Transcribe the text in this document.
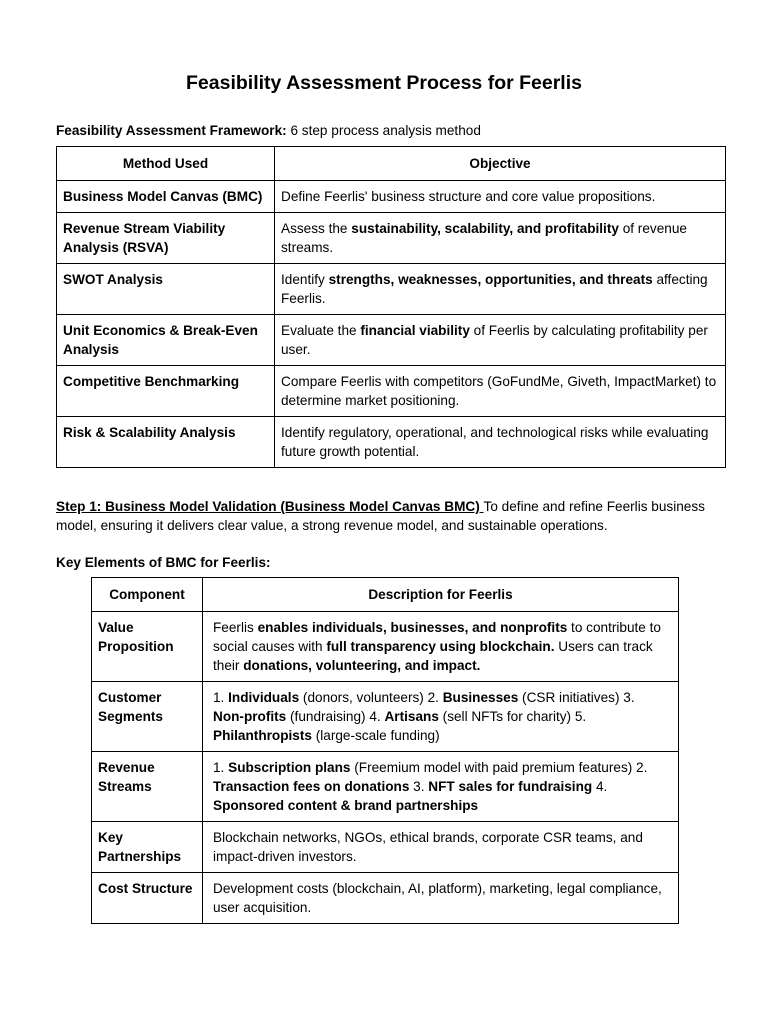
Feasibility Assessment Process for Feerlis
Feasibility Assessment Framework: 6 step process analysis method
Method Used	Objective
Business Model Canvas (BMC)	Define Feerlis' business structure and core value propositions.
Revenue Stream Viability Analysis (RSVA)	Assess the sustainability, scalability, and profitability of revenue streams.
SWOT Analysis	Identify strengths, weaknesses, opportunities, and threats affecting Feerlis.
Unit Economics & Break-Even Analysis	Evaluate the financial viability of Feerlis by calculating profitability per user.
Competitive Benchmarking	Compare Feerlis with competitors (GoFundMe, Giveth, ImpactMarket) to determine market positioning.
Risk & Scalability Analysis	Identify regulatory, operational, and technological risks while evaluating future growth potential.
Step 1: Business Model Validation (Business Model Canvas BMC) To define and refine Feerlis business model, ensuring it delivers clear value, a strong revenue model, and sustainable operations.
Key Elements of BMC for Feerlis:
Component	Description for Feerlis
Value Proposition	Feerlis enables individuals, businesses, and nonprofits to contribute to social causes with full transparency using blockchain. Users can track their donations, volunteering, and impact.
Customer Segments	1. Individuals (donors, volunteers) 2. Businesses (CSR initiatives) 3. Non-profits (fundraising) 4. Artisans (sell NFTs for charity) 5. Philanthropists (large-scale funding)
Revenue Streams	1. Subscription plans (Freemium model with paid premium features) 2. Transaction fees on donations 3. NFT sales for fundraising 4. Sponsored content & brand partnerships
Key Partnerships	Blockchain networks, NGOs, ethical brands, corporate CSR teams, and impact-driven investors.
Cost Structure	Development costs (blockchain, AI, platform), marketing, legal compliance, user acquisition.
